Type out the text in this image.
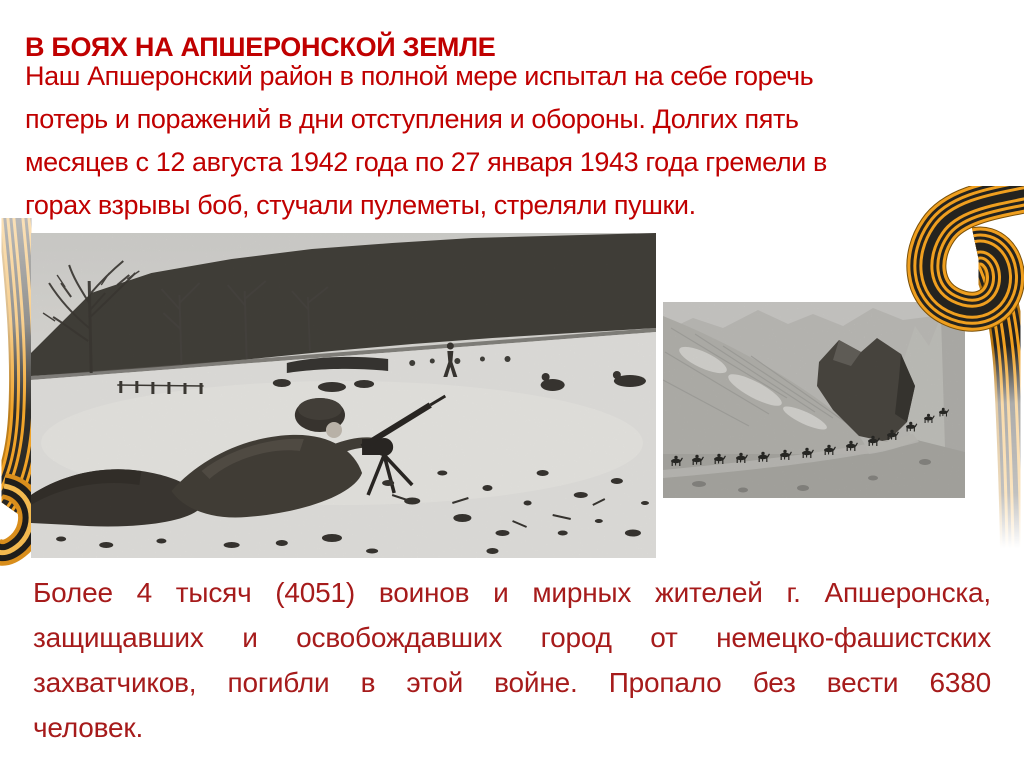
В БОЯХ НА АПШЕРОНСКОЙ ЗЕМЛЕ
Наш Апшеронский район в полной мере испытал на себе горечь
потерь и поражений в дни отступления и обороны. Долгих пять
месяцев с 12 августа 1942 года по 27 января 1943 года гремели в
горах взрывы боб, стучали пулеметы, стреляли пушки.
Более 4 тысяч (4051) воинов и мирных жителей г. Апшеронска,
защищавших и освобождавших город от немецко-фашистских
захватчиков, погибли в этой войне. Пропало без вести 6380
человек.
